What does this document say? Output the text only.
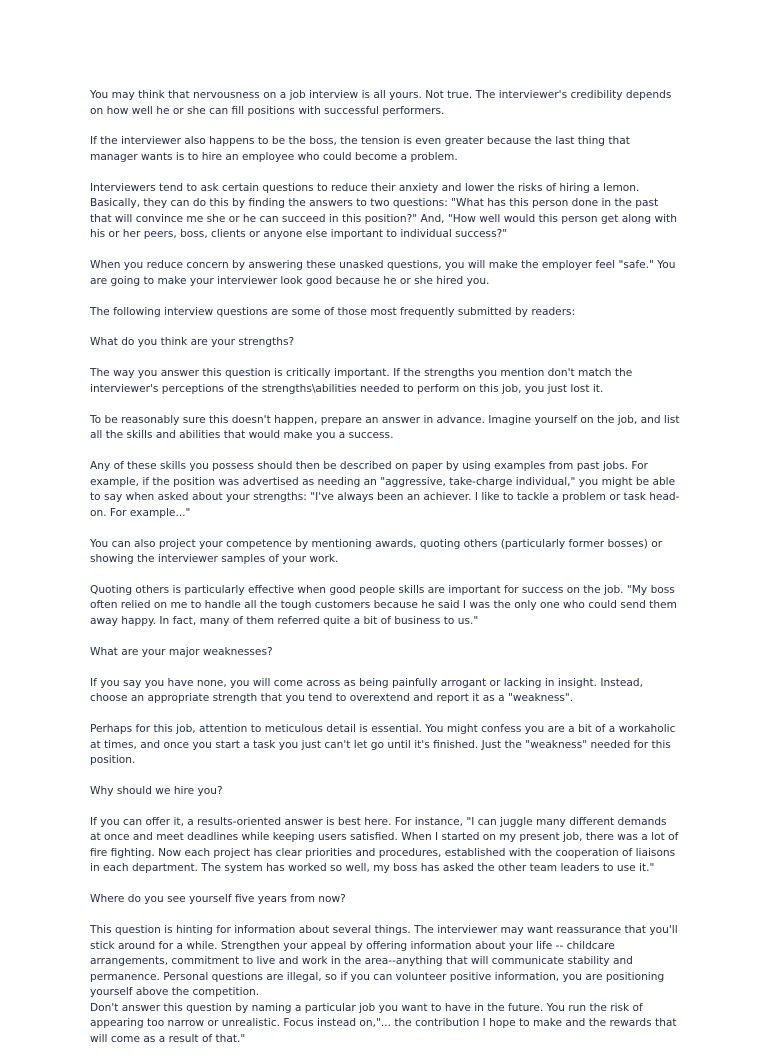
You may think that nervousness on a job interview is all yours. Not true. The interviewer's credibility depends on how well he or she can fill positions with successful performers.

If the interviewer also happens to be the boss, the tension is even greater because the last thing that manager wants is to hire an employee who could become a problem.

Interviewers tend to ask certain questions to reduce their anxiety and lower the risks of hiring a lemon. Basically, they can do this by finding the answers to two questions: "What has this person done in the past that will convince me she or he can succeed in this position?" And, "How well would this person get along with his or her peers, boss, clients or anyone else important to individual success?"

When you reduce concern by answering these unasked questions, you will make the employer feel "safe." You are going to make your interviewer look good because he or she hired you.

The following interview questions are some of those most frequently submitted by readers:

What do you think are your strengths?

The way you answer this question is critically important. If the strengths you mention don't match the interviewer's perceptions of the strengths\abilities needed to perform on this job, you just lost it.

To be reasonably sure this doesn't happen, prepare an answer in advance. Imagine yourself on the job, and list all the skills and abilities that would make you a success.

Any of these skills you possess should then be described on paper by using examples from past jobs. For example, if the position was advertised as needing an "aggressive, take-charge individual," you might be able to say when asked about your strengths: "I've always been an achiever. I like to tackle a problem or task head-on. For example..."

You can also project your competence by mentioning awards, quoting others (particularly former bosses) or showing the interviewer samples of your work.

Quoting others is particularly effective when good people skills are important for success on the job. "My boss often relied on me to handle all the tough customers because he said I was the only one who could send them away happy. In fact, many of them referred quite a bit of business to us."

What are your major weaknesses?

If you say you have none, you will come across as being painfully arrogant or lacking in insight. Instead, choose an appropriate strength that you tend to overextend and report it as a "weakness".

Perhaps for this job, attention to meticulous detail is essential. You might confess you are a bit of a workaholic at times, and once you start a task you just can't let go until it's finished. Just the "weakness" needed for this position.

Why should we hire you?

If you can offer it, a results-oriented answer is best here. For instance, "I can juggle many different demands at once and meet deadlines while keeping users satisfied. When I started on my present job, there was a lot of fire fighting. Now each project has clear priorities and procedures, established with the cooperation of liaisons in each department. The system has worked so well, my boss has asked the other team leaders to use it."

Where do you see yourself five years from now?

This question is hinting for information about several things. The interviewer may want reassurance that you'll stick around for a while. Strengthen your appeal by offering information about your life -- childcare arrangements, commitment to live and work in the area--anything that will communicate stability and permanence. Personal questions are illegal, so if you can volunteer positive information, you are positioning yourself above the competition.

Don't answer this question by naming a particular job you want to have in the future. You run the risk of appearing too narrow or unrealistic. Focus instead on,"... the contribution I hope to make and the rewards that will come as a result of that."
